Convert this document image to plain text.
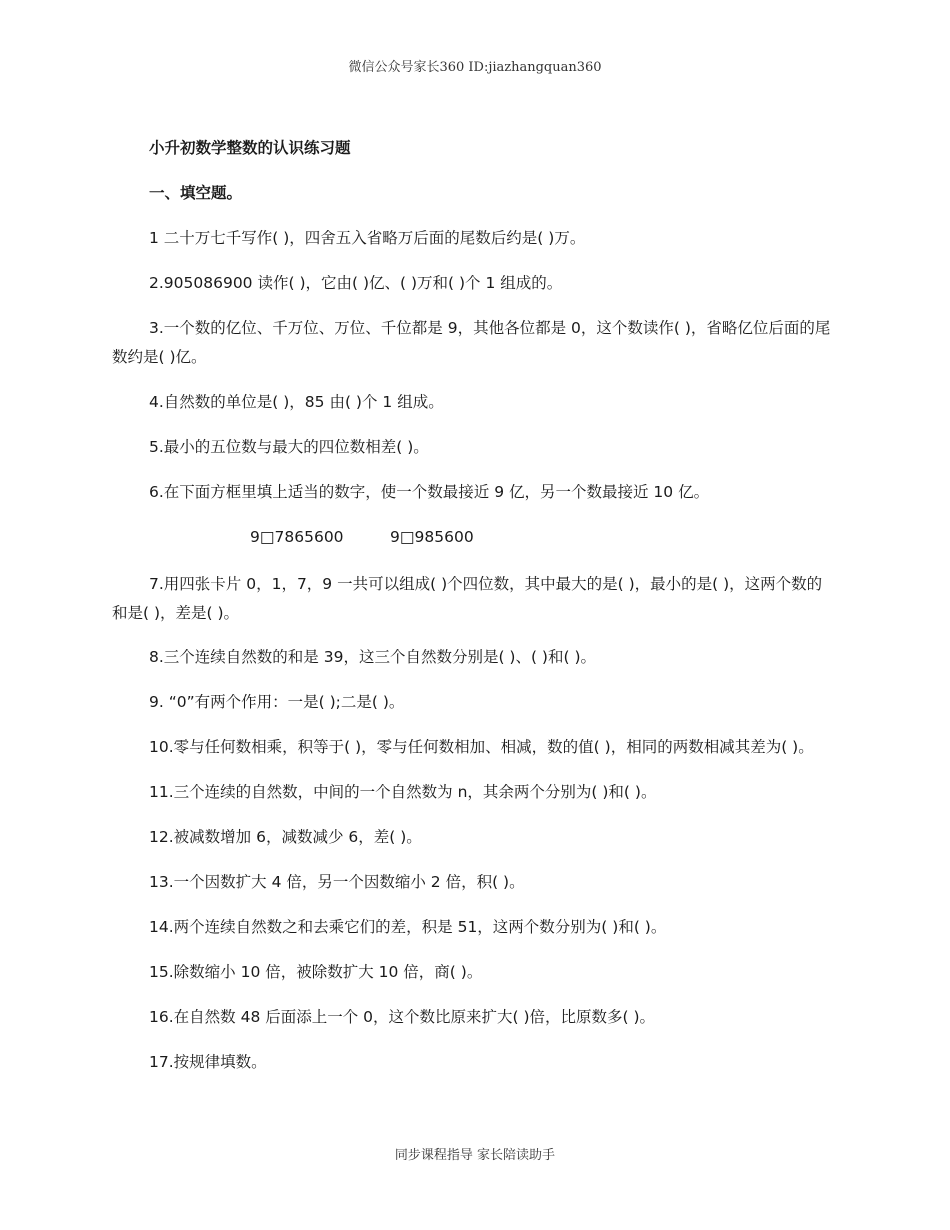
微信公众号家长360 ID:jiazhangquan360
小升初数学整数的认识练习题
一、填空题。
1 二十万七千写作( )，四舍五入省略万后面的尾数后约是( )万。
2.905086900 读作( )，它由( )亿、( )万和( )个 1 组成的。
3.一个数的亿位、千万位、万位、千位都是 9，其他各位都是 0，这个数读作( )，省略亿位后面的尾数约是( )亿。
4.自然数的单位是( )，85 由( )个 1 组成。
5.最小的五位数与最大的四位数相差( )。
6.在下面方框里填上适当的数字，使一个数最接近 9 亿，另一个数最接近 10 亿。
9□7865600	9□985600
7.用四张卡片 0，1，7，9 一共可以组成( )个四位数，其中最大的是( )，最小的是( )，这两个数的和是( )，差是( )。
8.三个连续自然数的和是 39，这三个自然数分别是( )、( )和( )。
9. “0”有两个作用：一是( );二是( )。
10.零与任何数相乘，积等于( )，零与任何数相加、相减，数的值( )，相同的两数相减其差为( )。
11.三个连续的自然数，中间的一个自然数为 n，其余两个分别为( )和( )。
12.被减数增加 6，减数减少 6，差( )。
13.一个因数扩大 4 倍，另一个因数缩小 2 倍，积( )。
14.两个连续自然数之和去乘它们的差，积是 51，这两个数分别为( )和( )。
15.除数缩小 10 倍，被除数扩大 10 倍，商( )。
16.在自然数 48 后面添上一个 0，这个数比原来扩大( )倍，比原数多( )。
17.按规律填数。
同步课程指导 家长陪读助手
